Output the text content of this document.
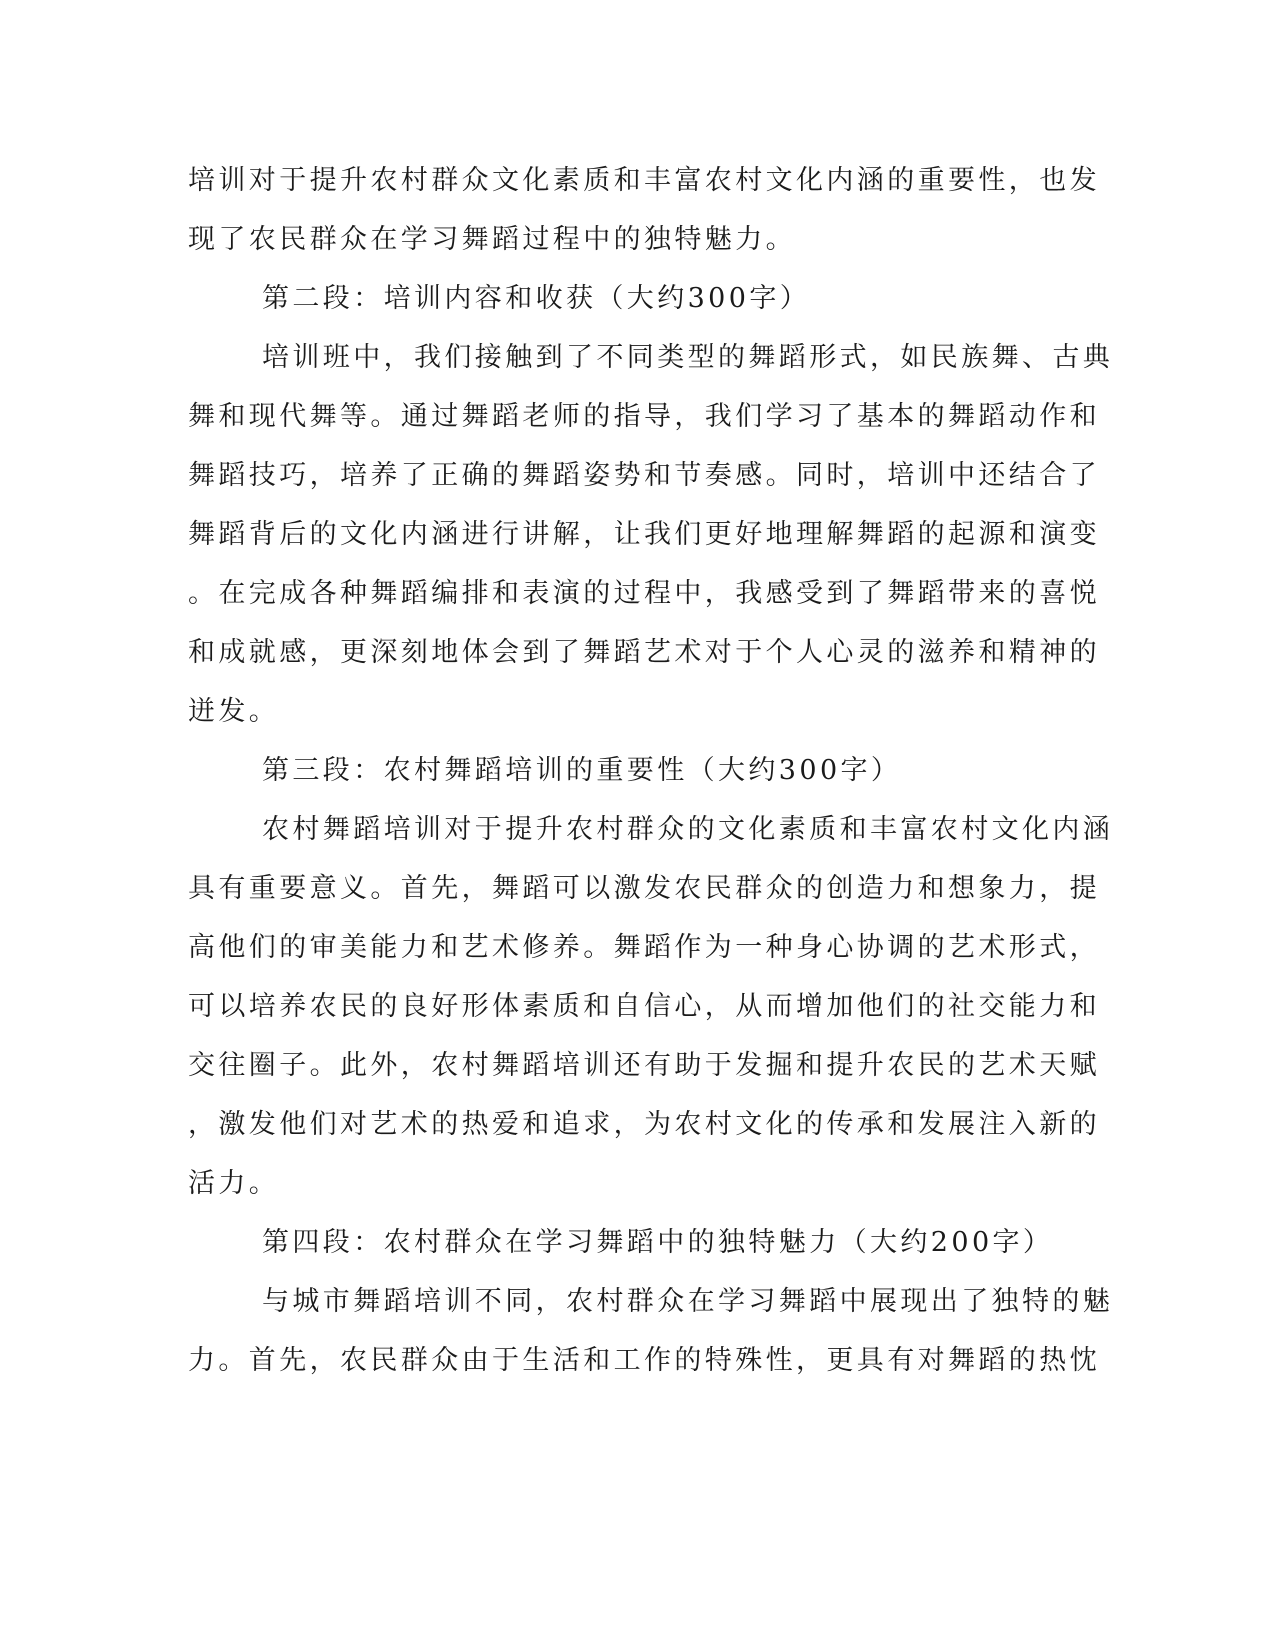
培训对于提升农村群众文化素质和丰富农村文化内涵的重要性，也发
现了农民群众在学习舞蹈过程中的独特魅力。
第二段：培训内容和收获（大约300字）
培训班中，我们接触到了不同类型的舞蹈形式，如民族舞、古典
舞和现代舞等。通过舞蹈老师的指导，我们学习了基本的舞蹈动作和
舞蹈技巧，培养了正确的舞蹈姿势和节奏感。同时，培训中还结合了
舞蹈背后的文化内涵进行讲解，让我们更好地理解舞蹈的起源和演变
。在完成各种舞蹈编排和表演的过程中，我感受到了舞蹈带来的喜悦
和成就感，更深刻地体会到了舞蹈艺术对于个人心灵的滋养和精神的
迸发。
第三段：农村舞蹈培训的重要性（大约300字）
农村舞蹈培训对于提升农村群众的文化素质和丰富农村文化内涵
具有重要意义。首先，舞蹈可以激发农民群众的创造力和想象力，提
高他们的审美能力和艺术修养。舞蹈作为一种身心协调的艺术形式，
可以培养农民的良好形体素质和自信心，从而增加他们的社交能力和
交往圈子。此外，农村舞蹈培训还有助于发掘和提升农民的艺术天赋
，激发他们对艺术的热爱和追求，为农村文化的传承和发展注入新的
活力。
第四段：农村群众在学习舞蹈中的独特魅力（大约200字）
与城市舞蹈培训不同，农村群众在学习舞蹈中展现出了独特的魅
力。首先，农民群众由于生活和工作的特殊性，更具有对舞蹈的热忱
